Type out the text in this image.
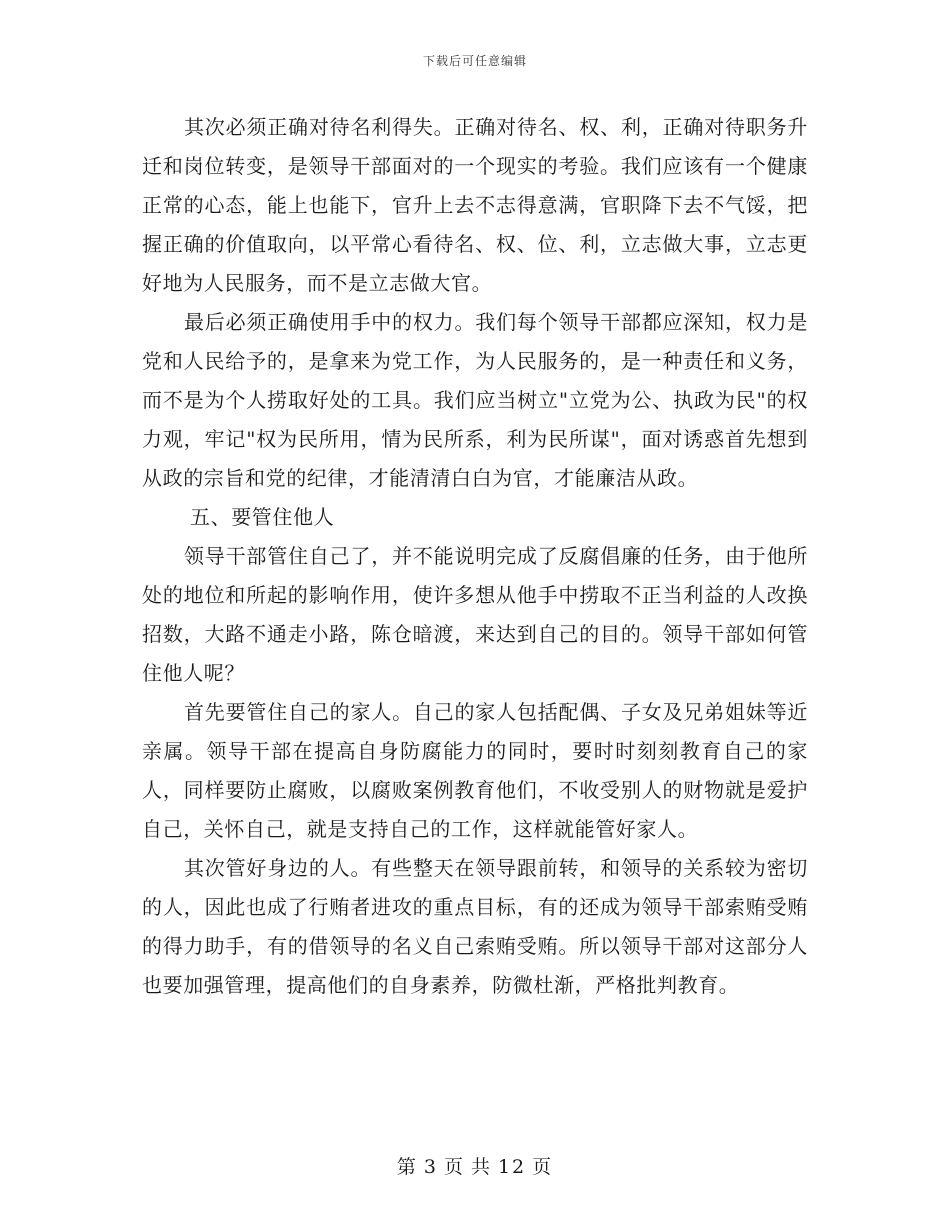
下载后可任意编辑

其次必须正确对待名利得失。正确对待名、权、利，正确对待职务升迁和岗位转变，是领导干部面对的一个现实的考验。我们应该有一个健康正常的心态，能上也能下，官升上去不志得意满，官职降下去不气馁，把握正确的价值取向，以平常心看待名、权、位、利，立志做大事，立志更好地为人民服务，而不是立志做大官。

最后必须正确使用手中的权力。我们每个领导干部都应深知，权力是党和人民给予的，是拿来为党工作，为人民服务的，是一种责任和义务，而不是为个人捞取好处的工具。我们应当树立"立党为公、执政为民"的权力观，牢记"权为民所用，情为民所系，利为民所谋"，面对诱惑首先想到从政的宗旨和党的纪律，才能清清白白为官，才能廉洁从政。

五、要管住他人

领导干部管住自己了，并不能说明完成了反腐倡廉的任务，由于他所处的地位和所起的影响作用，使许多想从他手中捞取不正当利益的人改换招数，大路不通走小路，陈仓暗渡，来达到自己的目的。领导干部如何管住他人呢？

首先要管住自己的家人。自己的家人包括配偶、子女及兄弟姐妹等近亲属。领导干部在提高自身防腐能力的同时，要时时刻刻教育自己的家人，同样要防止腐败，以腐败案例教育他们，不收受别人的财物就是爱护自己，关怀自己，就是支持自己的工作，这样就能管好家人。

其次管好身边的人。有些整天在领导跟前转，和领导的关系较为密切的人，因此也成了行贿者进攻的重点目标，有的还成为领导干部索贿受贿的得力助手，有的借领导的名义自己索贿受贿。所以领导干部对这部分人也要加强管理，提高他们的自身素养，防微杜渐，严格批判教育。

第 3 页 共 12 页
